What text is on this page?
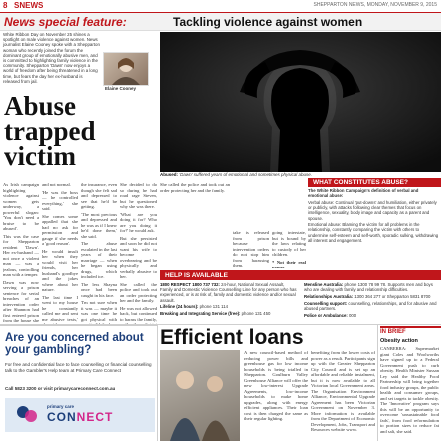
8 SNEWS	SHEPPARTON NEWS, MONDAY, NOVEMBER 9, 2015
News special feature:	Tackling violence against women
White Ribbon Day on November 25 shines a spotlight on male violence against women. News journalist Elaine Cooney spoke with a Shepparton woman who recently joined the forum the dominant group of emotionally abusive men, and is committed to highlighting family violence in the community. Shepparton 'Dawn' now enjoys a world of freedom after being threatened in a long time, but fears the day her ex-husband is released from jail.
Elaine Cooney
Abuse trapped victim
Abused: 'Dawn' suffered years of emotional and sometimes physical abuse.

As Irish campaign highlighting violence against women gets underway, a powerful slogan: 'You don't need a bruise to be abused'.

This was the case for Shepparton resident 'Dawn'. Her ex-husband — not once a violent man — was a jealous, controlling man with a temper.

Dawn was now serving a prison sentence for serial breaches of an intervention order after Shannon had first entered prison from the house she

and not normal.

'He was the boss — he controlled everything,' she said.

She comes some appalled that she had no ask for permission and gauge if she needs a 'good reason'.

He would insult her when they would visit her friends, her husband's goodbye and the jokes where about her nature.

The last time I went to my house he constantly called me and sent me abusive texts,'

the insurance, even though she felt sad and depressed to see that he'd be getting.

'The most precious and depressed and he was as if I knew he'd done them,' she said.

The abuse escalated in the last years of their marriage — when he began using drugs, which included ice.

The less Shayna once had been caught in his face.

'I'm not sure when it was — maybe it was one time he got physical with

She decided to do so during he had road rage Steven, but he questioned why she was there.

'What are you doing it for? Who are you doing it for?' he would ask.

But she persisted and soon he did not want his wife to become overbearing and be physically and verbally abusive to her.

She called the police and took out an order protecting her and the family.

He was not allowed back, but continued to harass the family,

She called the police and took out an order protecting her and the family.

WHAT CONSTITUTES ABUSE?

The White Ribbon Campaign's definition of verbal and emotional abuse:

Verbal abuse: Continual 'put-downs' and humiliation, either privately or publicly, with attacks following clear themes that focus on intelligence, sexuality, body image and capacity as a parent and spouse.

Emotional abuse: Blaming the victim for all problems in the relationship, constantly comparing the victim with others to undermine self-esteem and self-worth, sporadic sulking, withdrawing all interest and engagement.

take is released from prison because intervention orders do not stop him from harassing them.

going interstate, but is bound by the laws relating to custody of her children.

* Not their real names.

HELP IS AVAILABLE

1800 RESPECT 1800 737 732: 24-hour, National Sexual Assault, Family and Domestic Violence Counselling Line for any person who has experienced, or is at risk of, family and domestic violence and/or sexual assault.

Lifeline (24 hours): phone 131 114

Breaking and Integrating Service (free): phone 131 450

Mensline Australia: phone 1300 78 99 78. Supports men and boys who are dealing with family and relationship difficulties.

Relationships Australia: 1300 364 277 or Shepparton 5831 8700

Counselling support: counselling, relationships, and for abusive and abused partners.

Police or Ambulance: 000

Are you concerned about your gambling?
For free and confidential face to face counselling or financial counselling talk to the Gambler's Help team at Primary Care Connect
Call 5823 3200 or visit primarycareconnect.com.au
primary care
CONNECT
Efficient loans
A new council-based method of reducing power bills and greenhouse gas for low income households is being trialled in Shepparton. Goulburn Valley Greenhouse Alliance will offer the new low-interest Upgrade Agreements, low-income households to make home upgrades, along with energy efficient appliances. Their loan cost is then charged the same as their regular lighting.
benefiting from the lower costs of power as a result. Participants sign up with the Greater Shepparton City Council and is set up an affordable and reliable instalment, but it is now available to all Victorian local Government areas. The Organisation Environment Alliance, Environmental Upgrade Agreement has been Victorian Government on November 3. More information is available from the Department of Economic Development, Jobs, Transport and Resources website www.
IN BRIEF
Obesity action
CANBERRA: Supermarket giant Coles and Woolworths have signed up to a Federal Government push to curb obesity. Health Minister Sussan Ley said the Healthy Food Partnership will bring together food industry groups, the public health and consumer groups, and set targets to tackle obesity. The 'Innovative' program says this will be an opportunity to overcome 'unsustainable food fads', from food reformulation to portion sizes to reduce fat and salt, she said.
